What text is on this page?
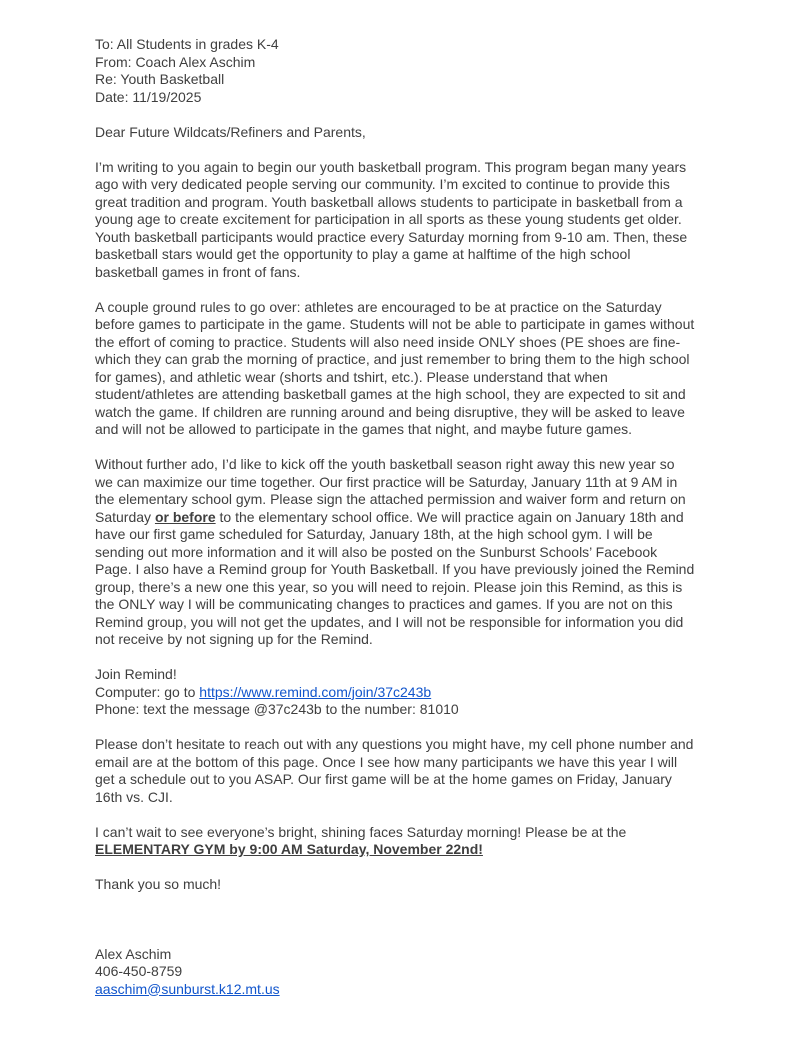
To: All Students in grades K-4
From: Coach Alex Aschim
Re: Youth Basketball
Date: 11/19/2025

Dear Future Wildcats/Refiners and Parents,

I’m writing to you again to begin our youth basketball program. This program began many years ago with very dedicated people serving our community. I’m excited to continue to provide this great tradition and program. Youth basketball allows students to participate in basketball from a young age to create excitement for participation in all sports as these young students get older. Youth basketball participants would practice every Saturday morning from 9-10 am. Then, these basketball stars would get the opportunity to play a game at halftime of the high school basketball games in front of fans.

A couple ground rules to go over: athletes are encouraged to be at practice on the Saturday before games to participate in the game. Students will not be able to participate in games without the effort of coming to practice. Students will also need inside ONLY shoes (PE shoes are fine- which they can grab the morning of practice, and just remember to bring them to the high school for games), and athletic wear (shorts and tshirt, etc.). Please understand that when student/athletes are attending basketball games at the high school, they are expected to sit and watch the game. If children are running around and being disruptive, they will be asked to leave and will not be allowed to participate in the games that night, and maybe future games.

Without further ado, I’d like to kick off the youth basketball season right away this new year so we can maximize our time together. Our first practice will be Saturday, January 11th at 9 AM in the elementary school gym. Please sign the attached permission and waiver form and return on Saturday or before to the elementary school office. We will practice again on January 18th and have our first game scheduled for Saturday, January 18th, at the high school gym. I will be sending out more information and it will also be posted on the Sunburst Schools’ Facebook Page. I also have a Remind group for Youth Basketball. If you have previously joined the Remind group, there’s a new one this year, so you will need to rejoin. Please join this Remind, as this is the ONLY way I will be communicating changes to practices and games. If you are not on this Remind group, you will not get the updates, and I will not be responsible for information you did not receive by not signing up for the Remind.

Join Remind!
Computer: go to https://www.remind.com/join/37c243b
Phone: text the message @37c243b to the number: 81010

Please don’t hesitate to reach out with any questions you might have, my cell phone number and email are at the bottom of this page. Once I see how many participants we have this year I will get a schedule out to you ASAP. Our first game will be at the home games on Friday, January 16th vs. CJI.

I can’t wait to see everyone’s bright, shining faces Saturday morning! Please be at the ELEMENTARY GYM by 9:00 AM Saturday, November 22nd!

Thank you so much!

Alex Aschim
406-450-8759
aaschim@sunburst.k12.mt.us
